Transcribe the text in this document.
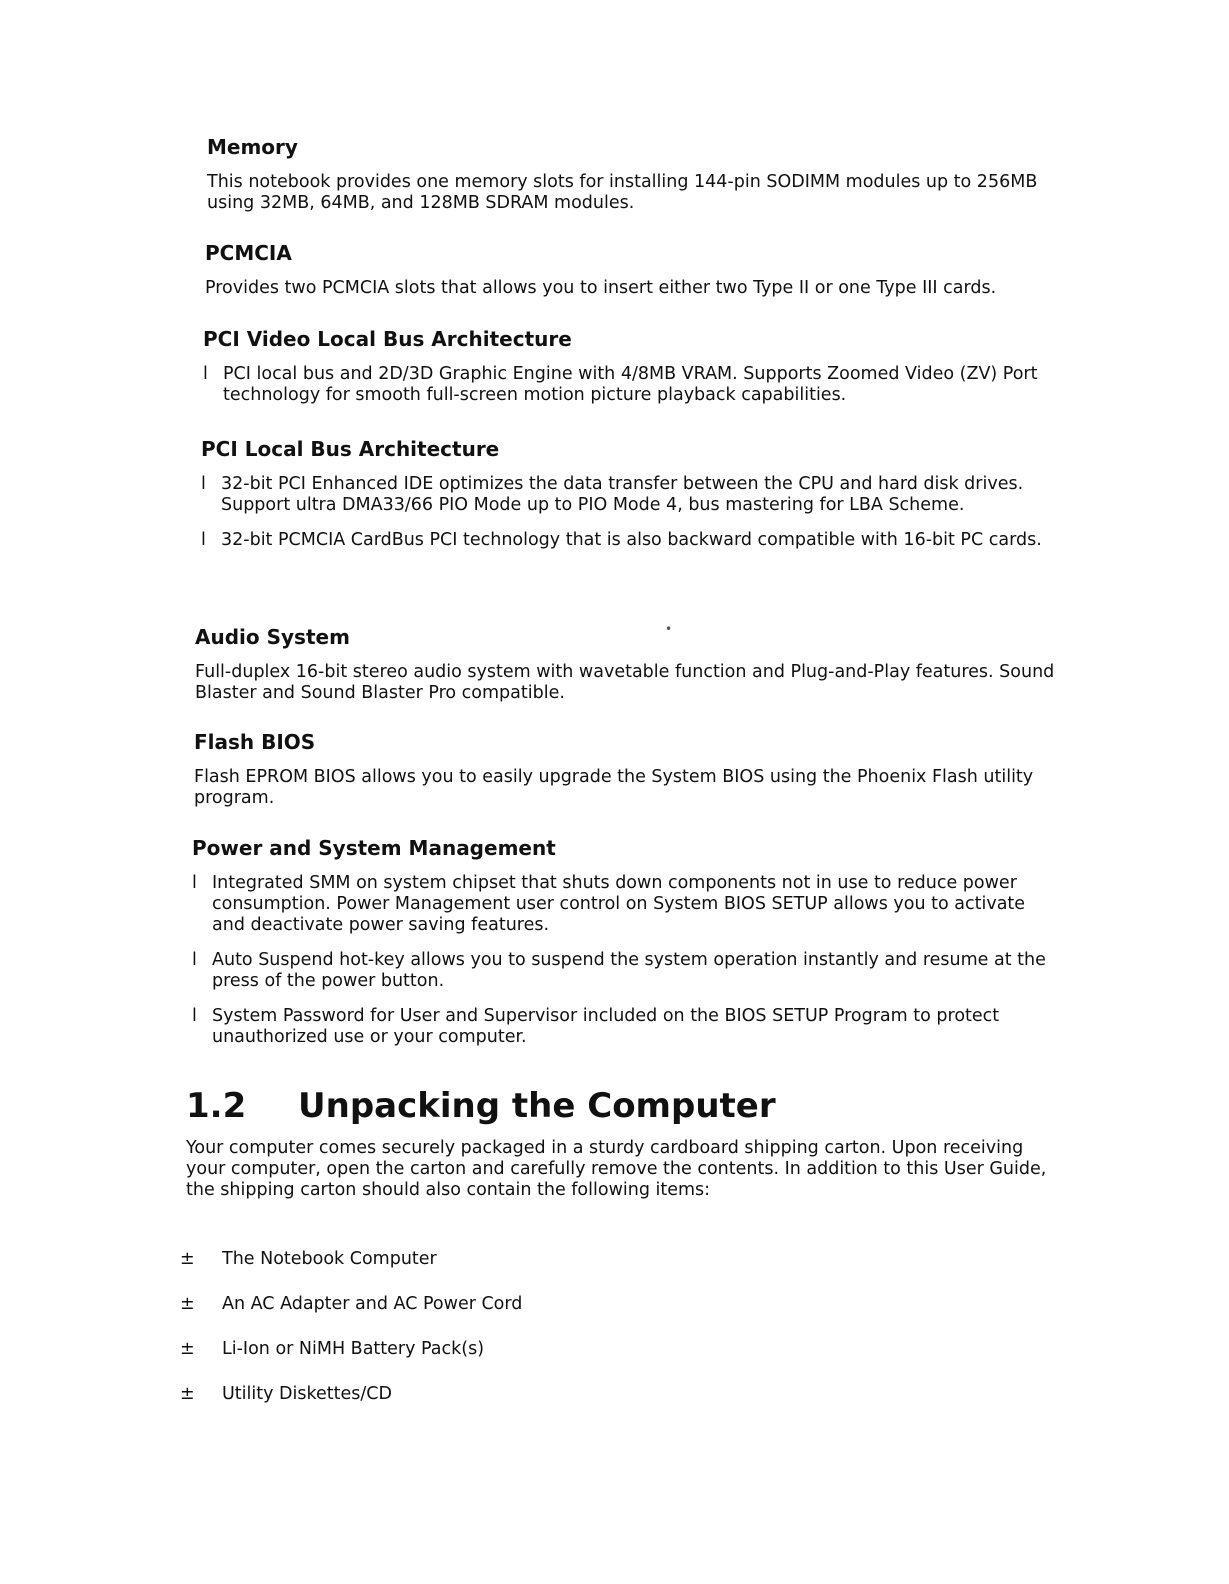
Memory

This notebook provides one memory slots for installing 144-pin SODIMM modules up to 256MB using 32MB, 64MB, and 128MB SDRAM modules.

PCMCIA

Provides two PCMCIA slots that allows you to insert either two Type II or one Type III cards.

PCI Video Local Bus Architecture
l PCI local bus and 2D/3D Graphic Engine with 4/8MB VRAM. Supports Zoomed Video (ZV) Port technology for smooth full-screen motion picture playback capabilities.
PCI Local Bus Architecture
l 32-bit PCI Enhanced IDE optimizes the data transfer between the CPU and hard disk drives. Support ultra DMA33/66 PIO Mode up to PIO Mode 4, bus mastering for LBA Scheme.
l 32-bit PCMCIA CardBus PCI technology that is also backward compatible with 16-bit PC cards.
•
Audio System

Full-duplex 16-bit stereo audio system with wavetable function and Plug-and-Play features. Sound Blaster and Sound Blaster Pro compatible.

Flash BIOS

Flash EPROM BIOS allows you to easily upgrade the System BIOS using the Phoenix Flash utility program.

Power and System Management
l Integrated SMM on system chipset that shuts down components not in use to reduce power consumption. Power Management user control on System BIOS SETUP allows you to activate and deactivate power saving features.
l Auto Suspend hot-key allows you to suspend the system operation instantly and resume at the press of the power button.
l System Password for User and Supervisor included on the BIOS SETUP Program to protect unauthorized use or your computer.
1.2 Unpacking the Computer

Your computer comes securely packaged in a sturdy cardboard shipping carton. Upon receiving your computer, open the carton and carefully remove the contents. In addition to this User Guide, the shipping carton should also contain the following items:

± The Notebook Computer
± An AC Adapter and AC Power Cord
± Li-Ion or NiMH Battery Pack(s)
± Utility Diskettes/CD
